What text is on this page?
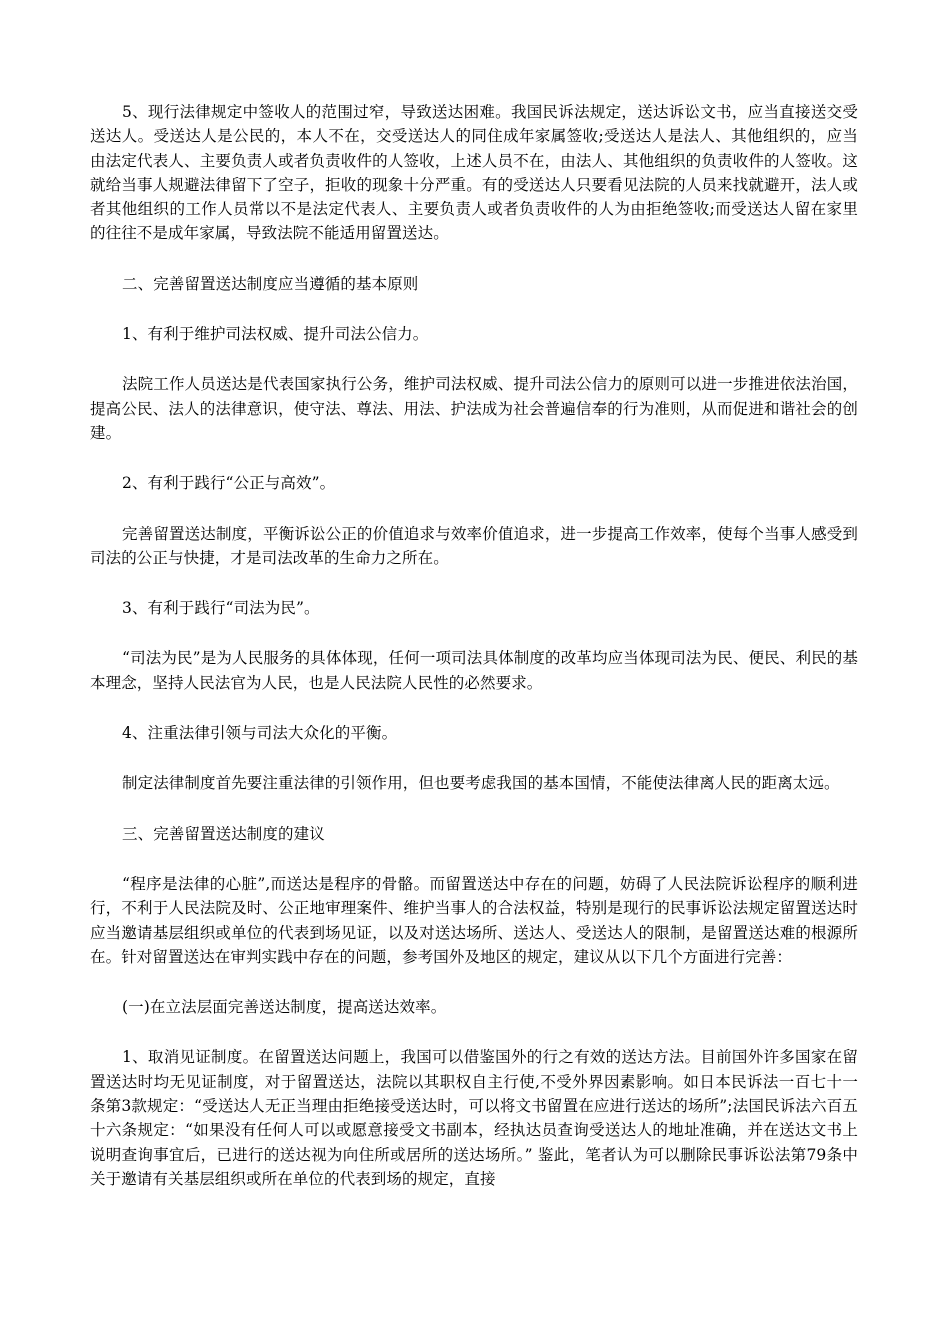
5、现行法律规定中签收人的范围过窄，导致送达困难。我国民诉法规定，送达诉讼文书，应当直接送交受送达人。受送达人是公民的，本人不在，交受送达人的同住成年家属签收;受送达人是法人、其他组织的，应当由法定代表人、主要负责人或者负责收件的人签收，上述人员不在，由法人、其他组织的负责收件的人签收。这就给当事人规避法律留下了空子，拒收的现象十分严重。有的受送达人只要看见法院的人员来找就避开，法人或者其他组织的工作人员常以不是法定代表人、主要负责人或者负责收件的人为由拒绝签收;而受送达人留在家里的往往不是成年家属，导致法院不能适用留置送达。

二、完善留置送达制度应当遵循的基本原则

1、有利于维护司法权威、提升司法公信力。

法院工作人员送达是代表国家执行公务，维护司法权威、提升司法公信力的原则可以进一步推进依法治国，提高公民、法人的法律意识，使守法、尊法、用法、护法成为社会普遍信奉的行为准则，从而促进和谐社会的创建。

2、有利于践行“公正与高效”。

完善留置送达制度，平衡诉讼公正的价值追求与效率价值追求，进一步提高工作效率，使每个当事人感受到司法的公正与快捷，才是司法改革的生命力之所在。

3、有利于践行“司法为民”。

“司法为民”是为人民服务的具体体现，任何一项司法具体制度的改革均应当体现司法为民、便民、利民的基本理念，坚持人民法官为人民，也是人民法院人民性的必然要求。

4、注重法律引领与司法大众化的平衡。

制定法律制度首先要注重法律的引领作用，但也要考虑我国的基本国情，不能使法律离人民的距离太远。

三、完善留置送达制度的建议

“程序是法律的心脏”,而送达是程序的骨骼。而留置送达中存在的问题，妨碍了人民法院诉讼程序的顺利进行，不利于人民法院及时、公正地审理案件、维护当事人的合法权益，特别是现行的民事诉讼法规定留置送达时应当邀请基层组织或单位的代表到场见证，以及对送达场所、送达人、受送达人的限制，是留置送达难的根源所在。针对留置送达在审判实践中存在的问题，参考国外及地区的规定，建议从以下几个方面进行完善：

(一)在立法层面完善送达制度，提高送达效率。

1、取消见证制度。在留置送达问题上，我国可以借鉴国外的行之有效的送达方法。目前国外许多国家在留置送达时均无见证制度，对于留置送达，法院以其职权自主行使,不受外界因素影响。如日本民诉法一百七十一条第3款规定：“受送达人无正当理由拒绝接受送达时，可以将文书留置在应进行送达的场所”;法国民诉法六百五十六条规定：“如果没有任何人可以或愿意接受文书副本，经执达员查询受送达人的地址准确，并在送达文书上说明查询事宜后，已进行的送达视为向住所或居所的送达场所。” 鉴此，笔者认为可以删除民事诉讼法第79条中关于邀请有关基层组织或所在单位的代表到场的规定，直接
